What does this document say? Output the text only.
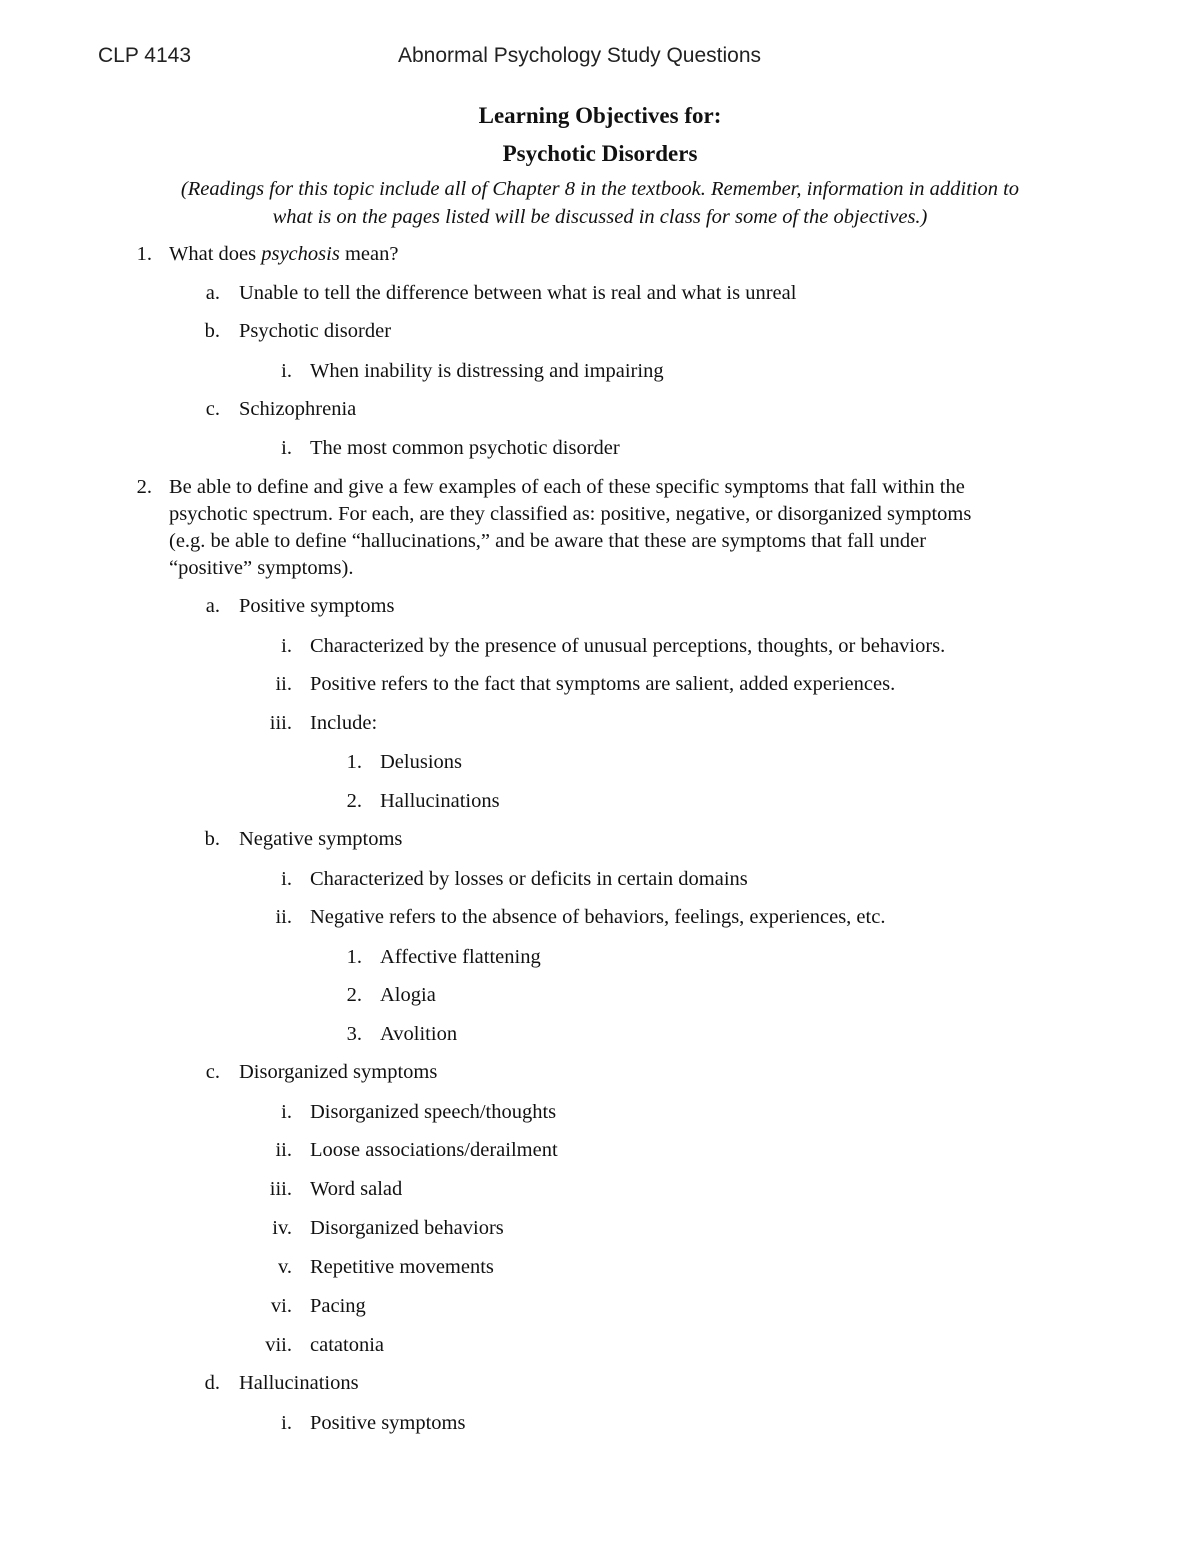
CLP 4143	Abnormal Psychology Study Questions
Learning Objectives for:
Psychotic Disorders
(Readings for this topic include all of Chapter 8 in the textbook. Remember, information in addition to
what is on the pages listed will be discussed in class for some of the objectives.)
1. What does psychosis mean?
a. Unable to tell the difference between what is real and what is unreal
b. Psychotic disorder
i. When inability is distressing and impairing
c. Schizophrenia
i. The most common psychotic disorder
2. Be able to define and give a few examples of each of these specific symptoms that fall within the
psychotic spectrum. For each, are they classified as: positive, negative, or disorganized symptoms
(e.g. be able to define “hallucinations,” and be aware that these are symptoms that fall under
“positive” symptoms).
a. Positive symptoms
i. Characterized by the presence of unusual perceptions, thoughts, or behaviors.
ii. Positive refers to the fact that symptoms are salient, added experiences.
iii. Include:
1. Delusions
2. Hallucinations
b. Negative symptoms
i. Characterized by losses or deficits in certain domains
ii. Negative refers to the absence of behaviors, feelings, experiences, etc.
1. Affective flattening
2. Alogia
3. Avolition
c. Disorganized symptoms
i. Disorganized speech/thoughts
ii. Loose associations/derailment
iii. Word salad
iv. Disorganized behaviors
v. Repetitive movements
vi. Pacing
vii. catatonia
d. Hallucinations
i. Positive symptoms
